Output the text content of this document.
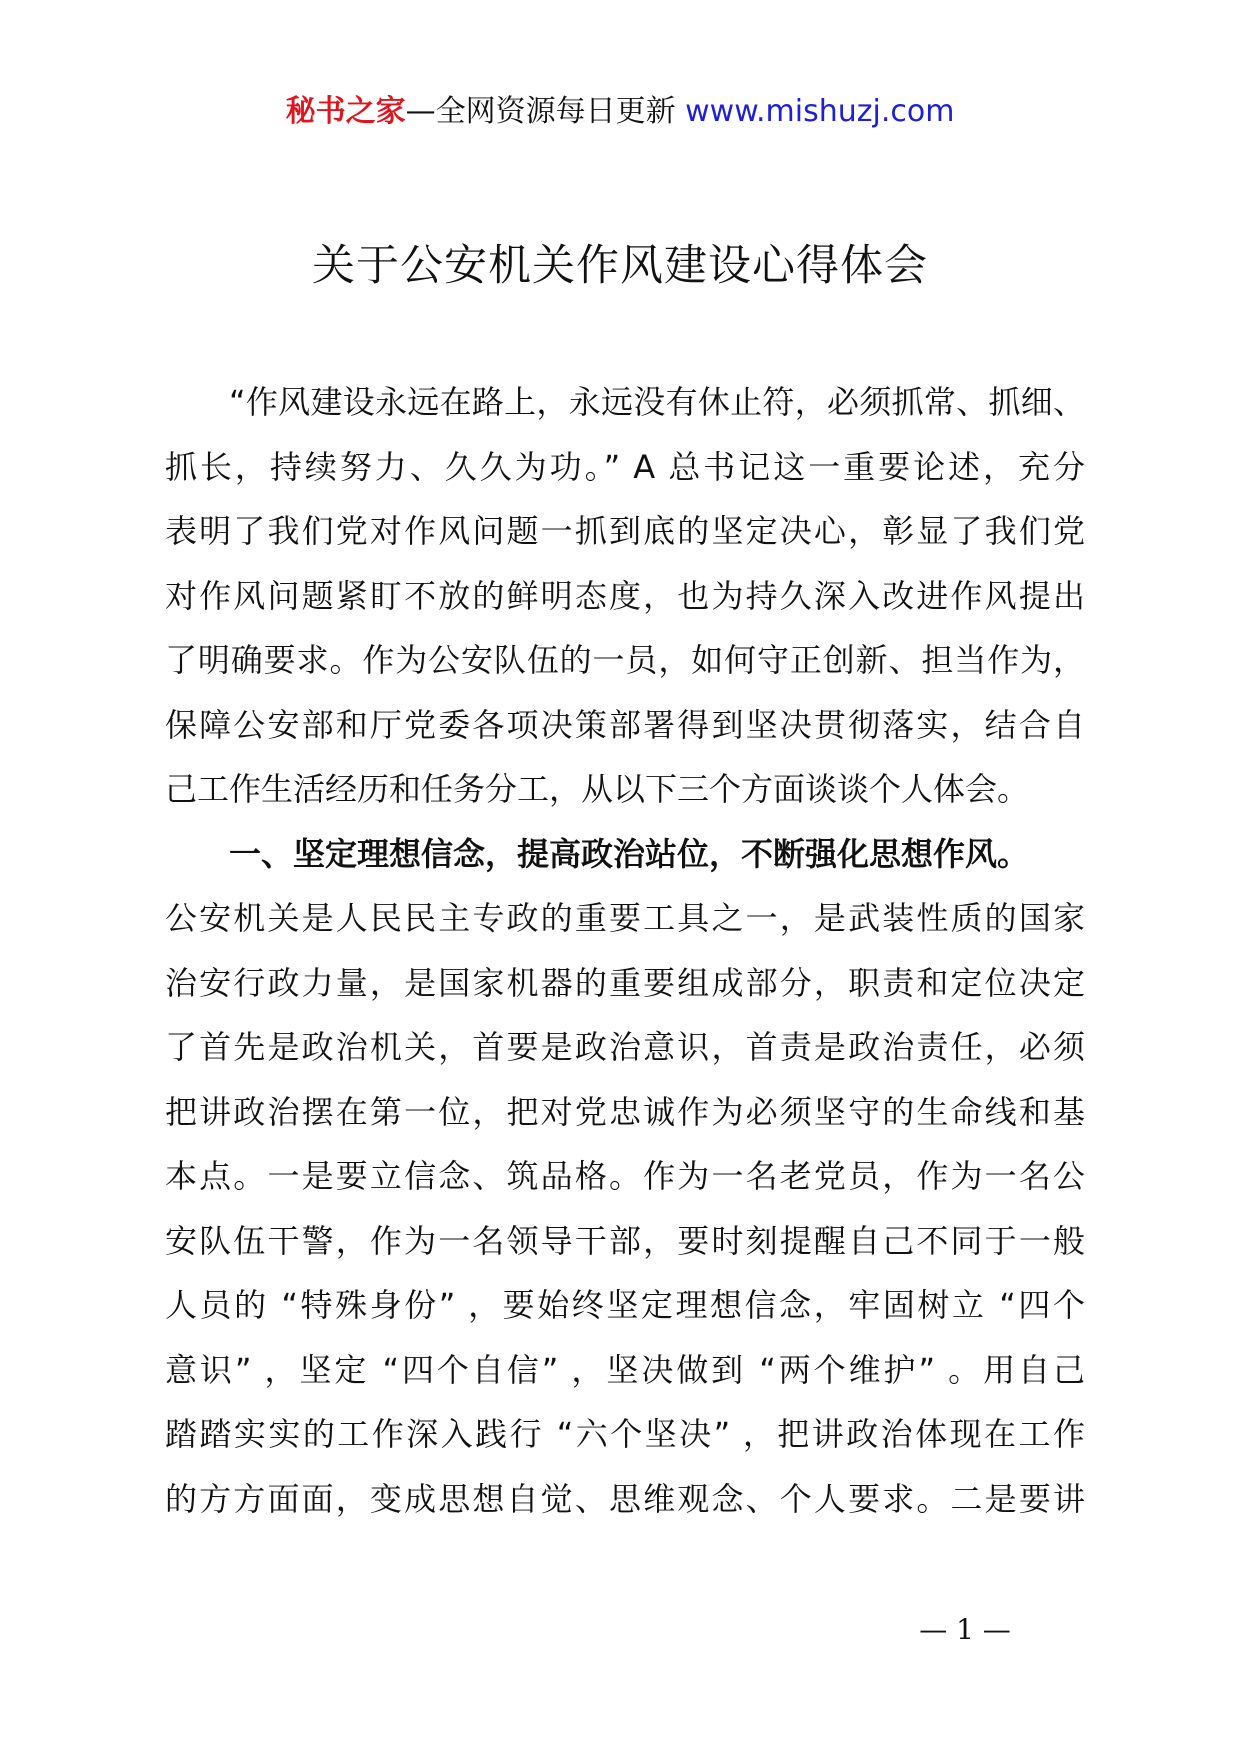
秘书之家—全网资源每日更新 www.mishuzj.com
关于公安机关作风建设心得体会
“作风建设永远在路上，永远没有休止符，必须抓常、抓细、
抓长，持续努力、久久为功。” A 总书记这一重要论述，充分
表明了我们党对作风问题一抓到底的坚定决心，彰显了我们党
对作风问题紧盯不放的鲜明态度，也为持久深入改进作风提出
了明确要求。作为公安队伍的一员，如何守正创新、担当作为，
保障公安部和厅党委各项决策部署得到坚决贯彻落实，结合自
己工作生活经历和任务分工，从以下三个方面谈谈个人体会。
一、坚定理想信念，提高政治站位，不断强化思想作风。
公安机关是人民民主专政的重要工具之一，是武装性质的国家
治安行政力量，是国家机器的重要组成部分，职责和定位决定
了首先是政治机关，首要是政治意识，首责是政治责任，必须
把讲政治摆在第一位，把对党忠诚作为必须坚守的生命线和基
本点。一是要立信念、筑品格。作为一名老党员，作为一名公
安队伍干警，作为一名领导干部，要时刻提醒自己不同于一般
人员的 “特殊身份” ，要始终坚定理想信念，牢固树立 “四个
意识” ，坚定 “四个自信” ，坚决做到 “两个维护” 。用自己
踏踏实实的工作深入践行 “六个坚决” ，把讲政治体现在工作
的方方面面，变成思想自觉、思维观念、个人要求。二是要讲
— 1 —
